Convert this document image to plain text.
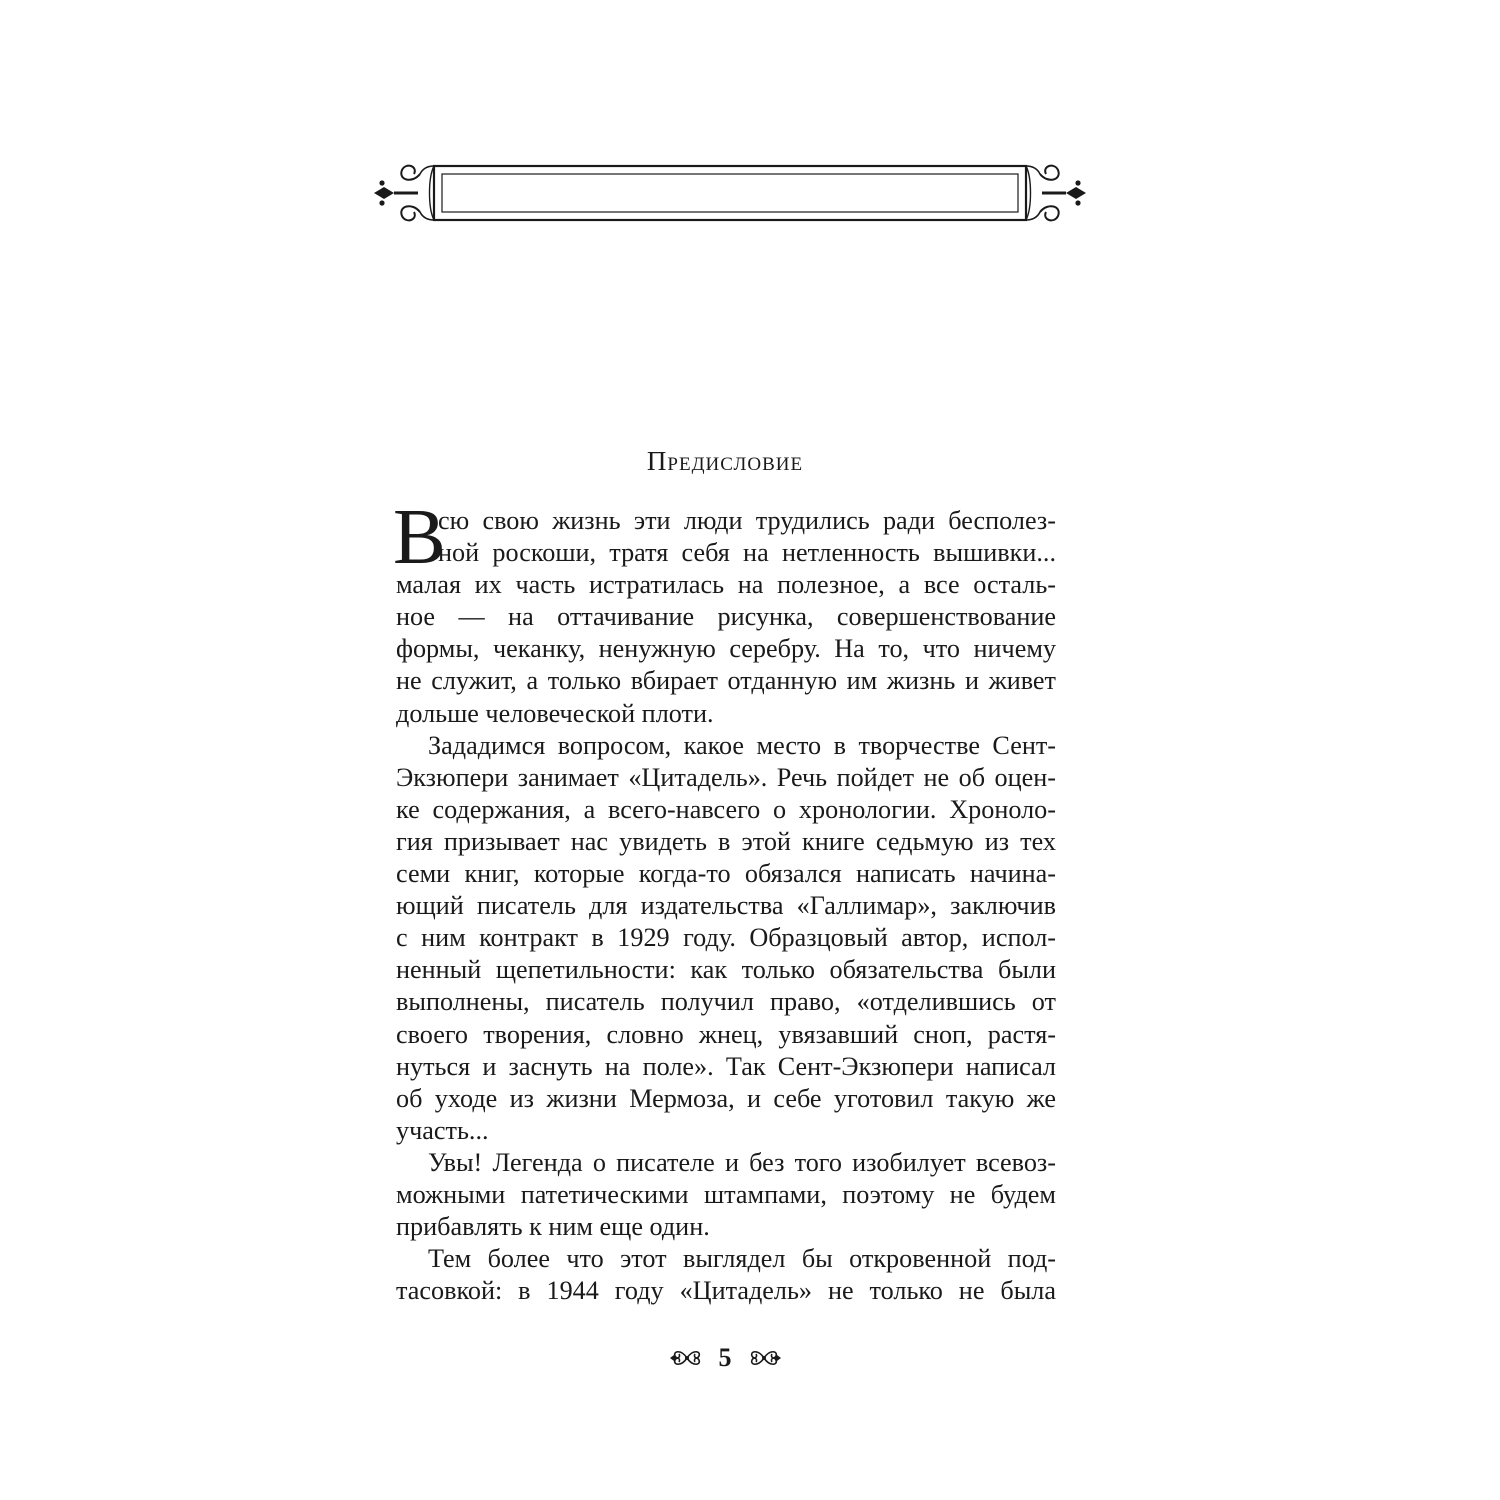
Предисловие
В
сю свою жизнь эти люди трудились ради бесполез-
ной роскоши, тратя себя на нетленность вышивки...
малая их часть истратилась на полезное, а все осталь-
ное — на оттачивание рисунка, совершенствование
формы, чеканку, ненужную серебру. На то, что ничему
не служит, а только вбирает отданную им жизнь и живет
дольше человеческой плоти.
Зададимся вопросом, какое место в творчестве Сент-
Экзюпери занимает «Цитадель». Речь пойдет не об оцен-
ке содержания, а всего-навсего о хронологии. Хроноло-
гия призывает нас увидеть в этой книге седьмую из тех
семи книг, которые когда-то обязался написать начина-
ющий писатель для издательства «Галлимар», заключив
с ним контракт в 1929 году. Образцовый автор, испол-
ненный щепетильности: как только обязательства были
выполнены, писатель получил право, «отделившись от
своего творения, словно жнец, увязавший сноп, растя-
нуться и заснуть на поле». Так Сент-Экзюпери написал
об уходе из жизни Мермоза, и себе уготовил такую же
участь...
Увы! Легенда о писателе и без того изобилует всевоз-
можными патетическими штампами, поэтому не будем
прибавлять к ним еще один.
Тем более что этот выглядел бы откровенной под-
тасовкой: в 1944 году «Цитадель» не только не была
5
